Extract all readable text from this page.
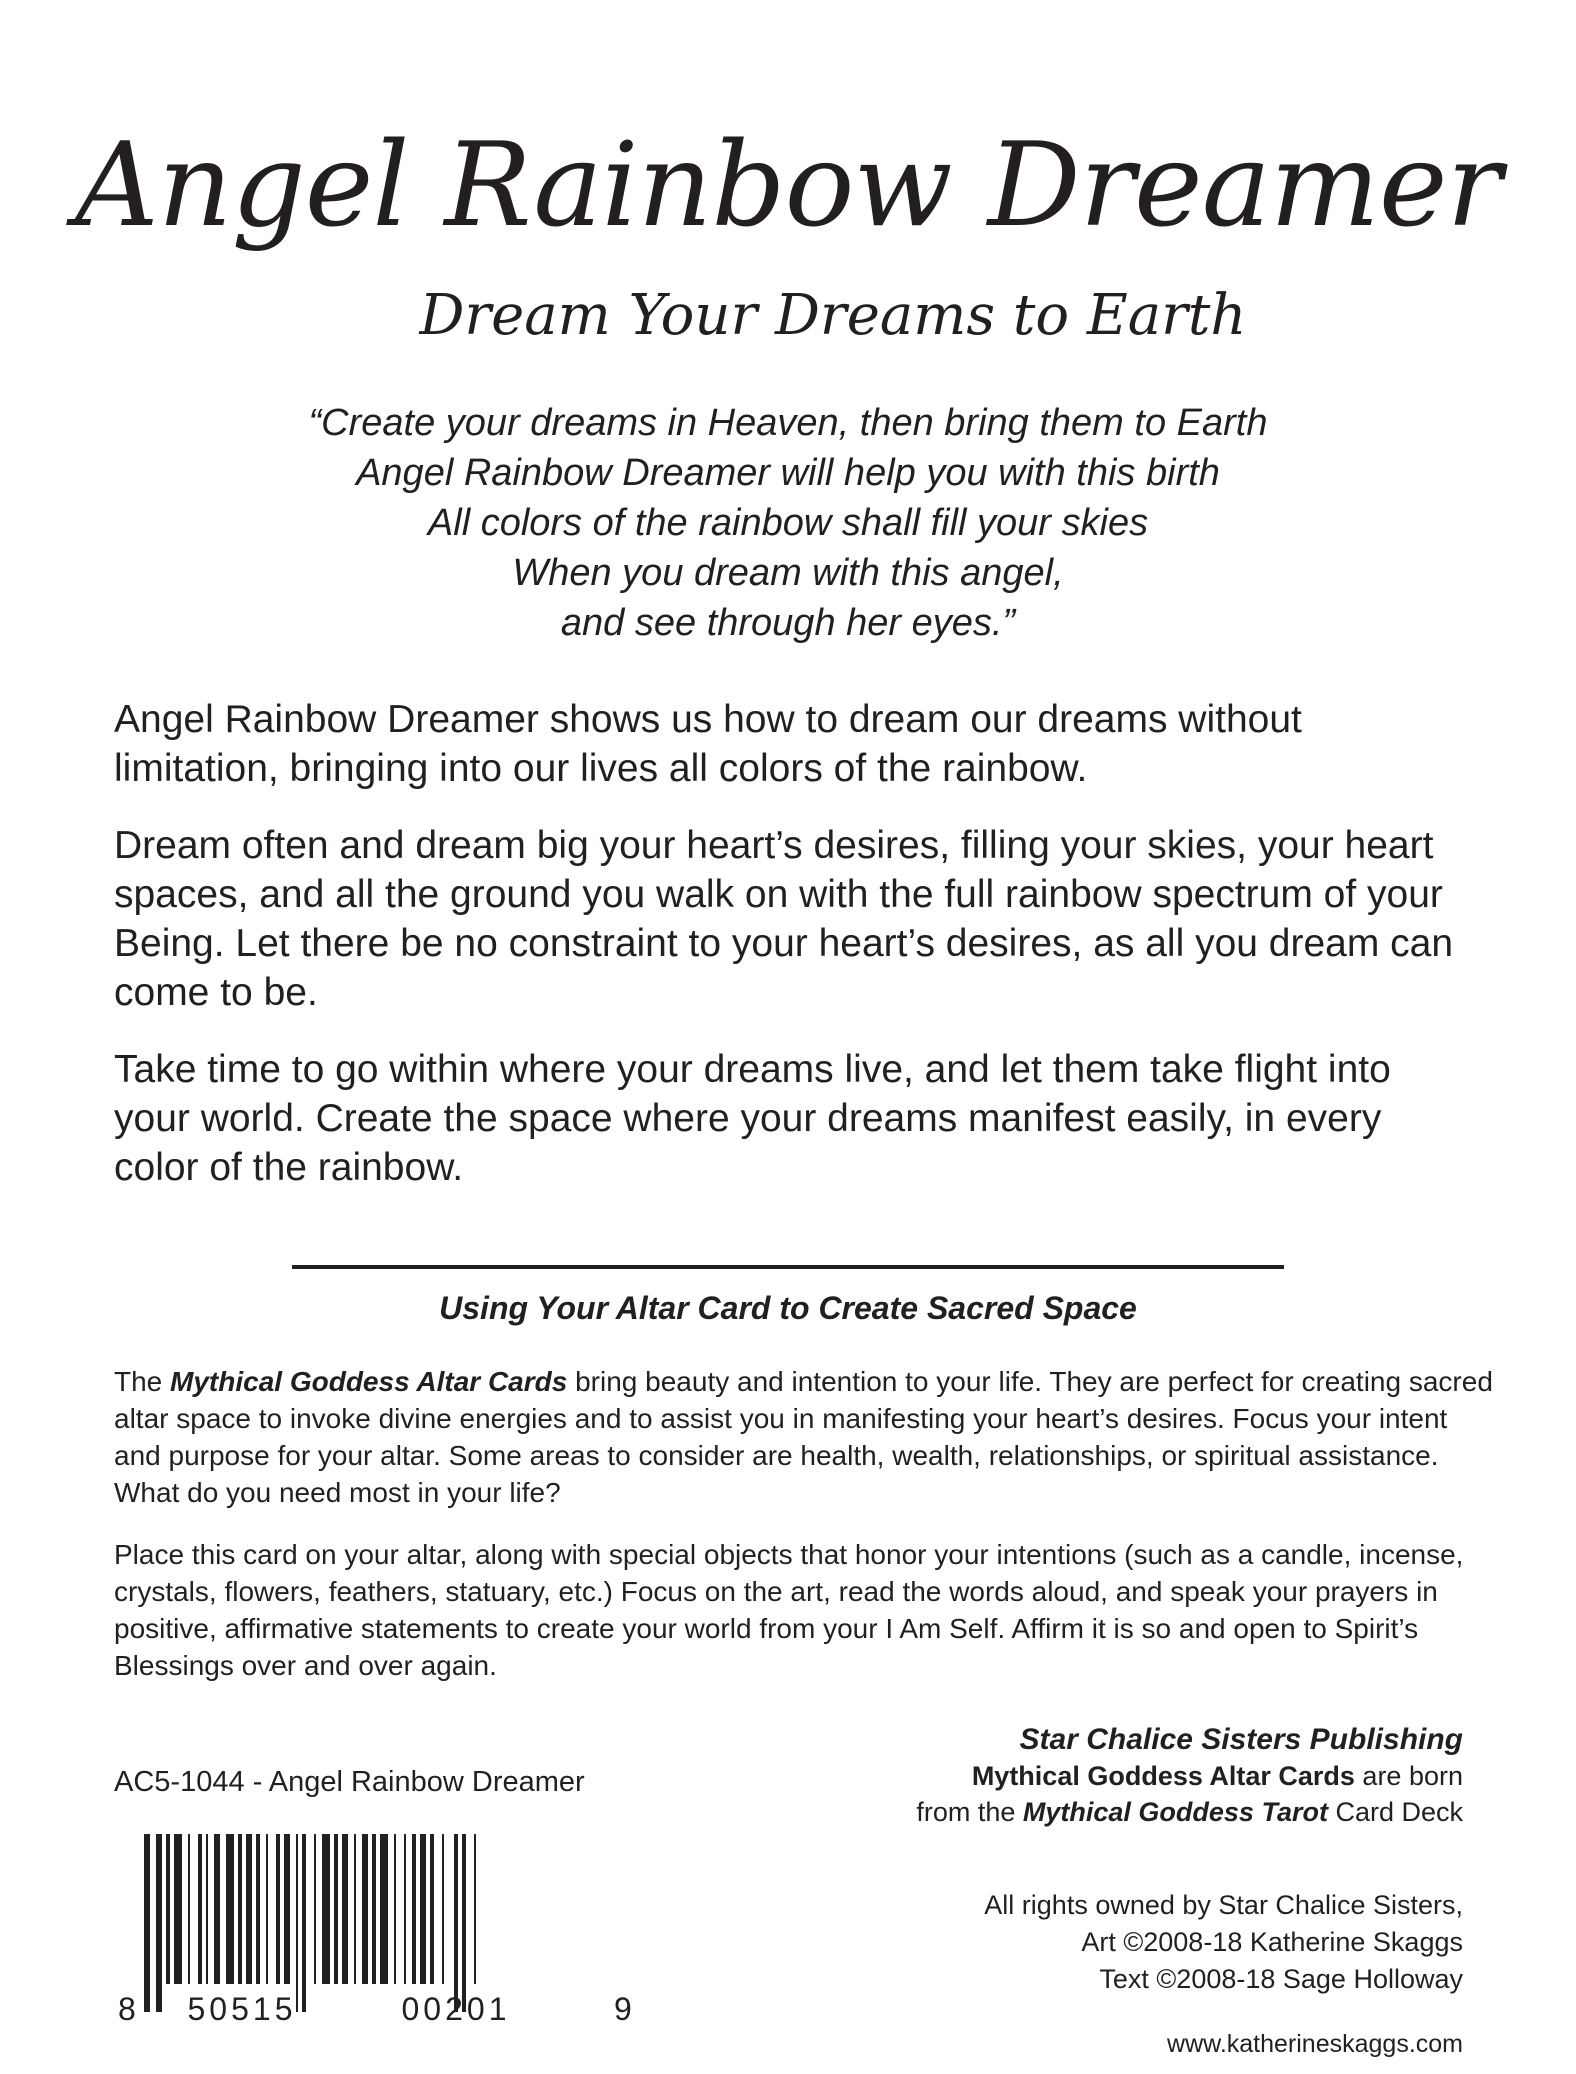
Angel Rainbow Dreamer
Dream Your Dreams to Earth
“Create your dreams in Heaven, then bring them to Earth
Angel Rainbow Dreamer will help you with this birth
All colors of the rainbow shall fill your skies
When you dream with this angel,
and see through her eyes.”

Angel Rainbow Dreamer shows us how to dream our dreams without limitation, bringing into our lives all colors of the rainbow.

Dream often and dream big your heart’s desires, filling your skies, your heart spaces, and all the ground you walk on with the full rainbow spectrum of your Being. Let there be no constraint to your heart’s desires, as all you dream can come to be.

Take time to go within where your dreams live, and let them take flight into your world. Create the space where your dreams manifest easily, in every color of the rainbow.

Using Your Altar Card to Create Sacred Space

The Mythical Goddess Altar Cards bring beauty and intention to your life. They are perfect for creating sacred altar space to invoke divine energies and to assist you in manifesting your heart’s desires. Focus your intent and purpose for your altar. Some areas to consider are health, wealth, relationships, or spiritual assistance. What do you need most in your life?

Place this card on your altar, along with special objects that honor your intentions (such as a candle, incense, crystals, flowers, feathers, statuary, etc.) Focus on the art, read the words aloud, and speak your prayers in positive, affirmative statements to create your world from your I Am Self. Affirm it is so and open to Spirit’s Blessings over and over again.

AC5-1044 - Angel Rainbow Dreamer
8 50515	00201	9
Star Chalice Sisters Publishing
Mythical Goddess Altar Cards are born
from the Mythical Goddess Tarot Card Deck
All rights owned by Star Chalice Sisters,
Art ©2008-18 Katherine Skaggs
Text ©2008-18 Sage Holloway
www.katherineskaggs.com
